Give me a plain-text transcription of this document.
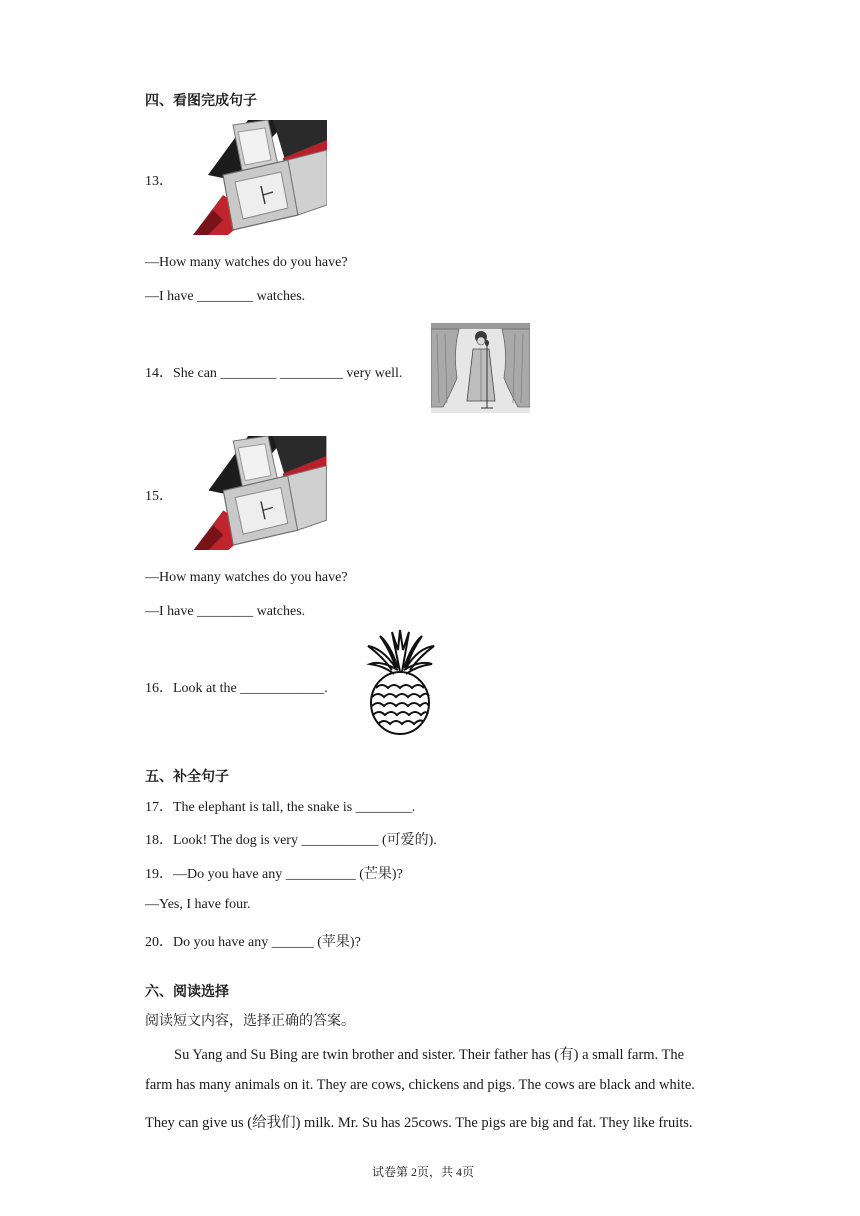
四、看图完成句子
13．
—How many watches do you have?
—I have ________ watches.
14．She can ________ _________ very well.
15．
—How many watches do you have?
—I have ________ watches.
16．Look at the ____________.
五、补全句子
17．The elephant is tall, the snake is ________.
18．Look! The dog is very ___________ (可爱的).
19．—Do you have any __________ (芒果)?
—Yes, I have four.
20．Do you have any ______ (苹果)?
六、阅读选择
阅读短文内容，选择正确的答案。
Su Yang and Su Bing are twin brother and sister. Their father has (有) a small farm. The
farm has many animals on it. They are cows, chickens and pigs. The cows are black and white.
They can give us (给我们) milk. Mr. Su has 25cows. The pigs are big and fat. They like fruits.
试卷第 2页，共 4页
